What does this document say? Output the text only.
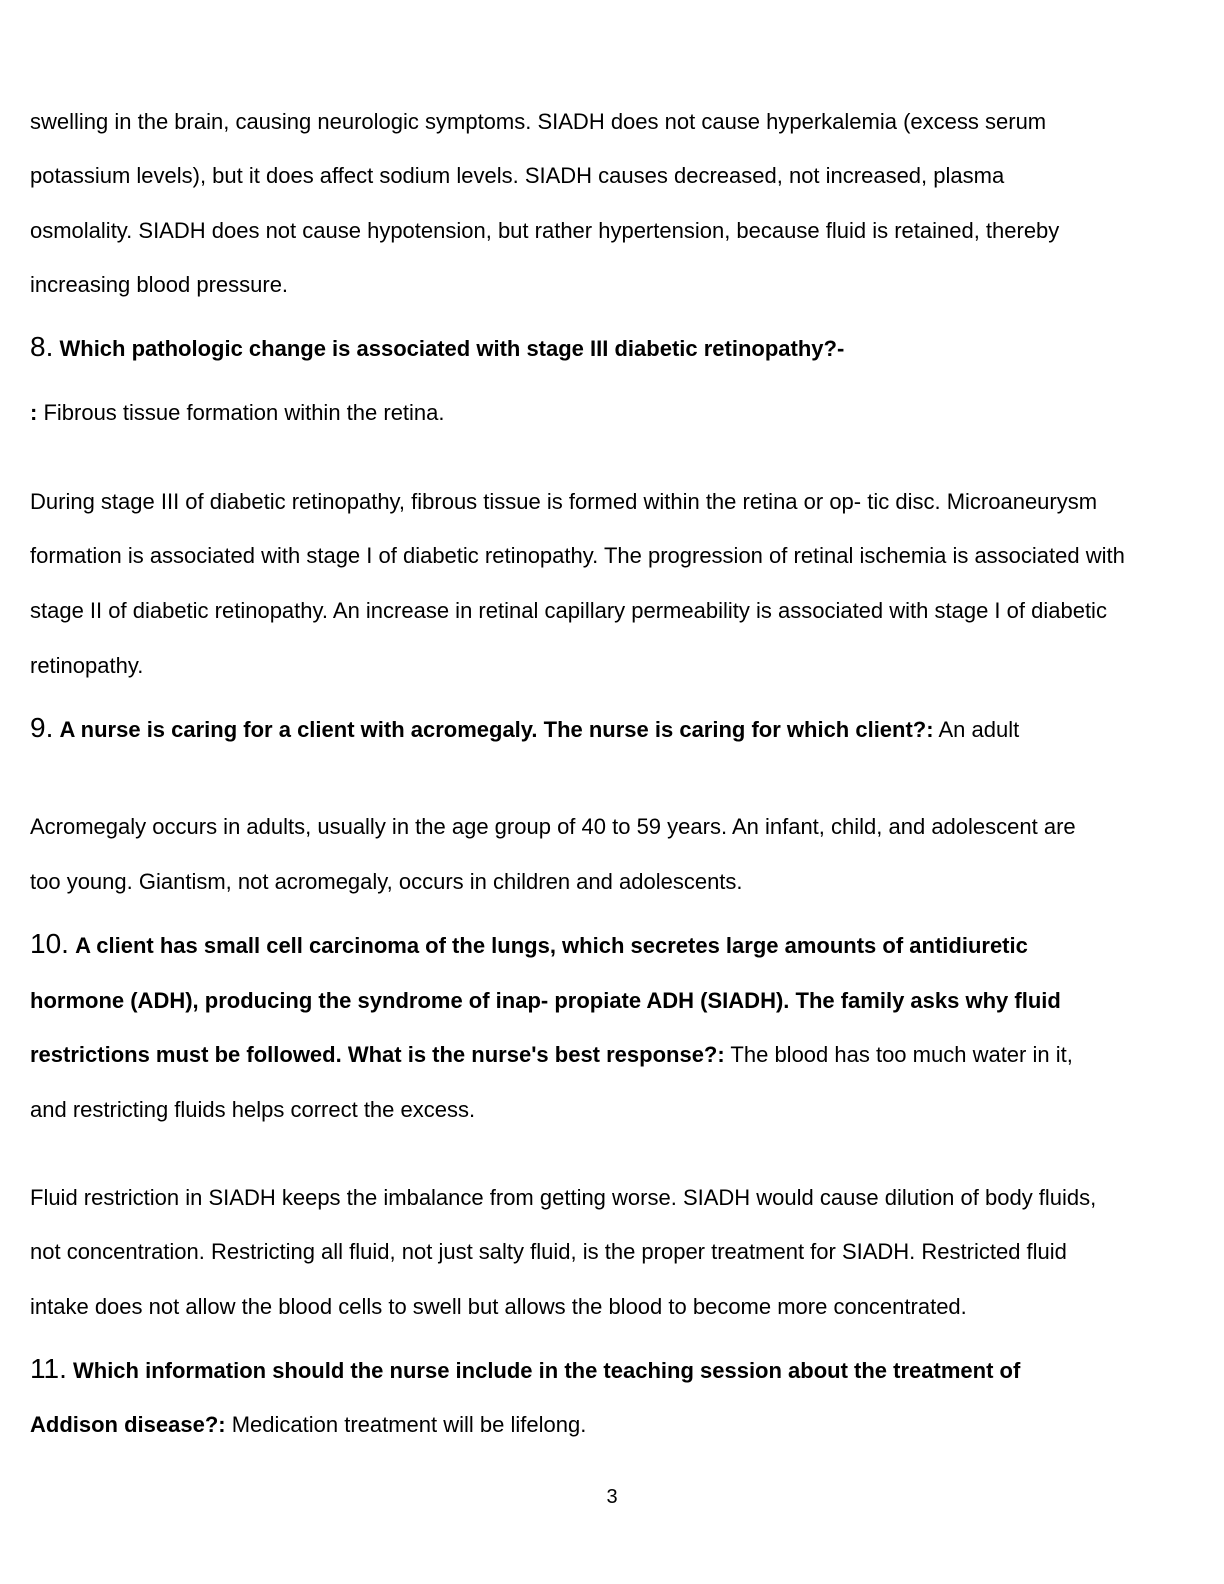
swelling in the brain, causing neurologic symptoms. SIADH does not cause hyperkalemia (excess serum

potassium levels), but it does affect sodium levels. SIADH causes decreased, not increased, plasma

osmolality. SIADH does not cause hypotension, but rather hypertension, because fluid is retained, thereby

increasing blood pressure.

8. Which pathologic change is associated with stage III diabetic retinopathy?-

: Fibrous tissue formation within the retina.

During stage III of diabetic retinopathy, fibrous tissue is formed within the retina or op- tic disc. Microaneurysm

formation is associated with stage I of diabetic retinopathy. The progression of retinal ischemia is associated with

stage II of diabetic retinopathy. An increase in retinal capillary permeability is associated with stage I of diabetic

retinopathy.

9. A nurse is caring for a client with acromegaly. The nurse is caring for which client?: An adult

Acromegaly occurs in adults, usually in the age group of 40 to 59 years. An infant, child, and adolescent are

too young. Giantism, not acromegaly, occurs in children and adolescents.

10. A client has small cell carcinoma of the lungs, which secretes large amounts of antidiuretic

hormone (ADH), producing the syndrome of inap- propiate ADH (SIADH). The family asks why fluid

restrictions must be followed. What is the nurse's best response?: The blood has too much water in it,

and restricting fluids helps correct the excess.

Fluid restriction in SIADH keeps the imbalance from getting worse. SIADH would cause dilution of body fluids,

not concentration. Restricting all fluid, not just salty fluid, is the proper treatment for SIADH. Restricted fluid

intake does not allow the blood cells to swell but allows the blood to become more concentrated.

11. Which information should the nurse include in the teaching session about the treatment of

Addison disease?: Medication treatment will be lifelong.

3
